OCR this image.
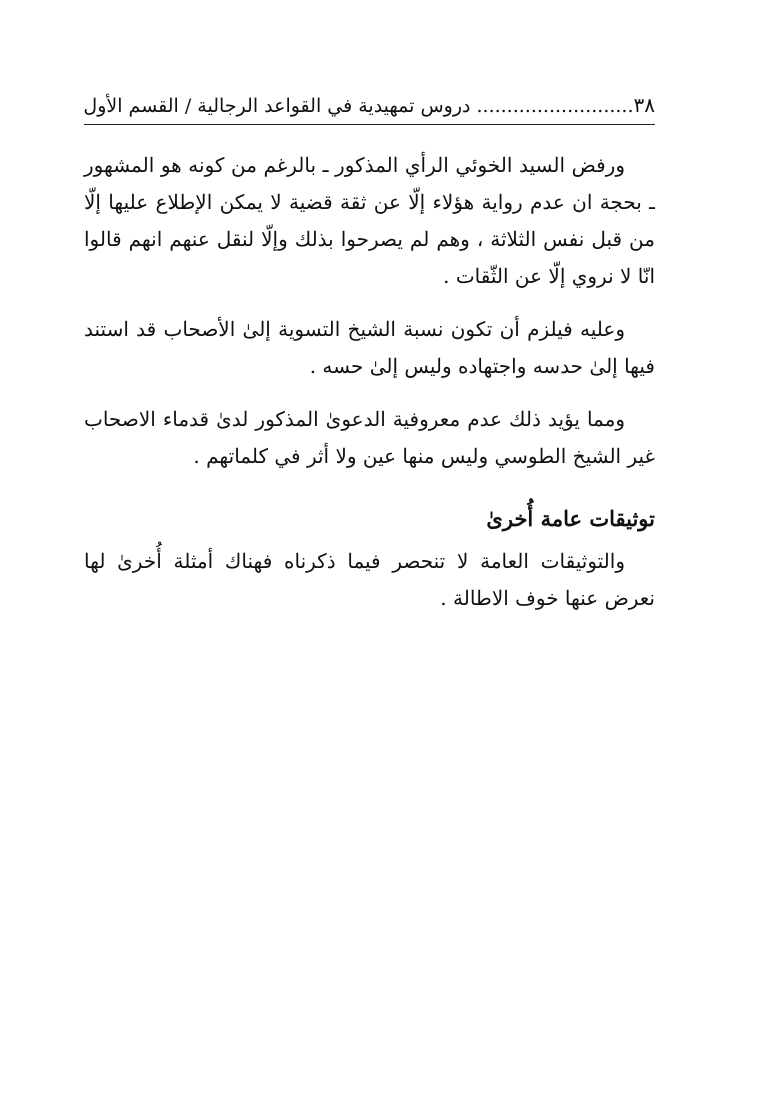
٣٨
..........................دروس تمهيدية في القواعد الرجالية / القسم الأول

ورفض السيد الخوئي الرأي المذكور ـ بالرغم من كونه هو المشهور ـ بحجة ان عدم رواية هؤلاء إلّا عن ثقة قضية لا يمكن الإطلاع عليها إلّا من قبل نفس الثلاثة ، وهم لم يصرحوا بذلك وإلّا لنقل عنهم انهم قالوا انّا لا نروي إلّا عن الثّقات .

وعليه فيلزم أن تكون نسبة الشيخ التسوية إلىٰ الأصحاب قد استند فيها إلىٰ حدسه واجتهاده وليس إلىٰ حسه .

ومما يؤيد ذلك عدم معروفية الدعوىٰ المذكور لدىٰ قدماء الاصحاب غير الشيخ الطوسي وليس منها عين ولا أثر في كلماتهم .

توثيقات عامة أُخرىٰ

والتوثيقات العامة لا تنحصر فيما ذكرناه فهناك أمثلة أُخرىٰ لها نعرض عنها خوف الاطالة .
